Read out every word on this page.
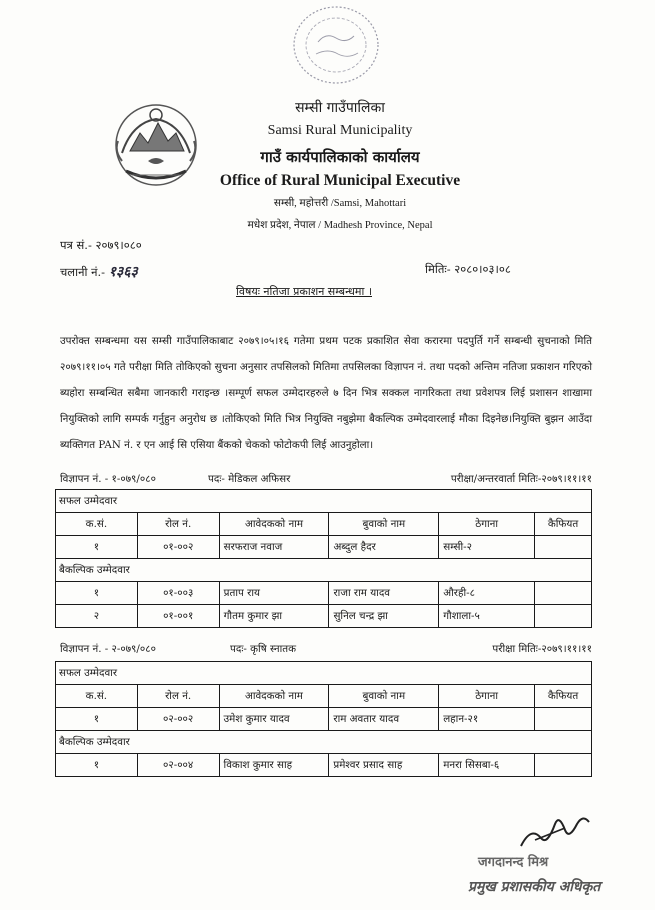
सम्सी गाउँपालिका
Samsi Rural Municipality
गाउँ कार्यपालिकाको कार्यालय
Office of Rural Municipal Executive
सम्सी, महोत्तरी /Samsi, Mahottari
मधेश प्रदेश, नेपाल / Madhesh Province, Nepal
पत्र सं.- २०७९।०८०
चलानी नं.- १३६३	मितिः- २०८०।०३।०८
विषयः नतिजा प्रकाशन सम्बन्धमा ।
उपरोक्त सम्बन्धमा यस सम्सी गाउँपालिकाबाट २०७९।०५।१६ गतेमा प्रथम पटक प्रकाशित सेवा करारमा पदपुर्ति गर्ने सम्बन्धी सुचनाको मिति २०७९।११।०५ गते परीक्षा मिति तोकिएको सुचना अनुसार तपसिलको मितिमा तपसिलका विज्ञापन नं. तथा पदको अन्तिम नतिजा प्रकाशन गरिएको ब्यहोरा सम्बन्धित सबैमा जानकारी गराइन्छ ।सम्पूर्ण सफल उम्मेदारहरुले ७ दिन भित्र सक्कल नागरिकता तथा प्रवेशपत्र लिई प्रशासन शाखामा नियुक्तिको लागि सम्पर्क गर्नुहुन अनुरोध छ ।तोकिएको मिति भित्र नियुक्ति नबुझेमा बैकल्पिक उम्मेदवारलाई मौका दिइनेछ।नियुक्ति बुझन आउँदा ब्यक्तिगत PAN नं. र एन आई सि एसिया बैंकको चेकको फोटोकपी लिई आउनुहोला।
विज्ञापन नं. - १-०७९/०८०	पदः- मेडिकल अफिसर	परीक्षा/अन्तरवार्ता मितिः-२०७९।११।११
सफल उम्मेदवार					
क.सं.	रोल नं.	आवेदकको नाम	बुवाको नाम	ठेगाना	कैफियत
१	०१-००२	सरफराज नवाज	अब्दुल हैदर	सम्सी-२	
बैकल्पिक उम्मेदवार					
१	०१-००३	प्रताप राय	राजा राम यादव	औरही-८	
२	०१-००१	गौतम कुमार झा	सुनिल चन्द्र झा	गौशाला-५	
विज्ञापन नं. - २-०७९/०८०	पदः- कृषि स्नातक	परीक्षा मितिः-२०७९।११।११
सफल उम्मेदवार					
क.सं.	रोल नं.	आवेदकको नाम	बुवाको नाम	ठेगाना	कैफियत
१	०२-००२	उमेश कुमार यादव	राम अवतार यादव	लहान-२१	
बैकल्पिक उम्मेदवार					
१	०२-००४	विकाश कुमार साह	प्रमेश्वर प्रसाद साह	मनरा सिसबा-६	
जगदानन्द मिश्र
प्रमुख प्रशासकीय अधिकृत
